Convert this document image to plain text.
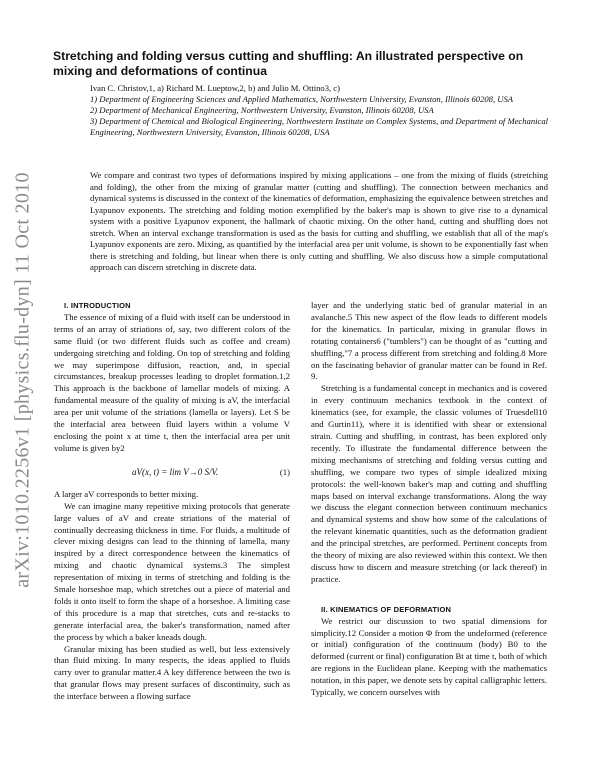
arXiv:1010.2256v1 [physics.flu-dyn] 11 Oct 2010
Stretching and folding versus cutting and shuffling: An illustrated perspective on mixing and deformations of continua

Ivan C. Christov,1, a) Richard M. Lueptow,2, b) and Julio M. Ottino3, c)

1) Department of Engineering Sciences and Applied Mathematics, Northwestern University, Evanston, Illinois 60208, USA

2) Department of Mechanical Engineering, Northwestern University, Evanston, Illinois 60208, USA

3) Department of Chemical and Biological Engineering, Northwestern Institute on Complex Systems, and Department of Mechanical Engineering, Northwestern University, Evanston, Illinois 60208, USA

We compare and contrast two types of deformations inspired by mixing applications – one from the mixing of fluids (stretching and folding), the other from the mixing of granular matter (cutting and shuffling). The connection between mechanics and dynamical systems is discussed in the context of the kinematics of deformation, emphasizing the equivalence between stretches and Lyapunov exponents. The stretching and folding motion exemplified by the baker's map is shown to give rise to a dynamical system with a positive Lyapunov exponent, the hallmark of chaotic mixing. On the other hand, cutting and shuffling does not stretch. When an interval exchange transformation is used as the basis for cutting and shuffling, we establish that all of the map's Lyapunov exponents are zero. Mixing, as quantified by the interfacial area per unit volume, is shown to be exponentially fast when there is stretching and folding, but linear when there is only cutting and shuffling. We also discuss how a simple computational approach can discern stretching in discrete data.

I. INTRODUCTION

The essence of mixing of a fluid with itself can be understood in terms of an array of striations of, say, two different colors of the same fluid (or two different fluids such as coffee and cream) undergoing stretching and folding. On top of stretching and folding we may superimpose diffusion, reaction, and, in special circumstances, breakup processes leading to droplet formation.1,2 This approach is the backbone of lamellar models of mixing. A fundamental measure of the quality of mixing is aV, the interfacial area per unit volume of the striations (lamella or layers). Let S be the interfacial area between fluid layers within a volume V enclosing the point x at time t, then the interfacial area per unit volume is given by2

aV(x, t) = lim V→0 S/V.	(1)

A larger aV corresponds to better mixing.

We can imagine many repetitive mixing protocols that generate large values of aV and create striations of the material of continually decreasing thickness in time. For fluids, a multitude of clever mixing designs can lead to the thinning of lamella, many inspired by a direct correspondence between the kinematics of mixing and chaotic dynamical systems.3 The simplest representation of mixing in terms of stretching and folding is the Smale horseshoe map, which stretches out a piece of material and folds it onto itself to form the shape of a horseshoe. A limiting case of this procedure is a map that stretches, cuts and re-stacks to generate interfacial area, the baker's transformation, named after the process by which a baker kneads dough.

Granular mixing has been studied as well, but less extensively than fluid mixing. In many respects, the ideas applied to fluids carry over to granular matter.4 A key difference between the two is that granular flows may present surfaces of discontinuity, such as the interface between a flowing surface

layer and the underlying static bed of granular material in an avalanche.5 This new aspect of the flow leads to different models for the kinematics. In particular, mixing in granular flows in rotating containers6 ("tumblers") can be thought of as "cutting and shuffling,"7 a process different from stretching and folding.8 More on the fascinating behavior of granular matter can be found in Ref. 9.

Stretching is a fundamental concept in mechanics and is covered in every continuum mechanics textbook in the context of kinematics (see, for example, the classic volumes of Truesdell10 and Gurtin11), where it is identified with shear or extensional strain. Cutting and shuffling, in contrast, has been explored only recently. To illustrate the fundamental difference between the mixing mechanisms of stretching and folding versus cutting and shuffling, we compare two types of simple idealized mixing protocols: the well-known baker's map and cutting and shuffling maps based on interval exchange transformations. Along the way we discuss the elegant connection between continuum mechanics and dynamical systems and show how some of the calculations of the relevant kinematic quantities, such as the deformation gradient and the principal stretches, are performed. Pertinent concepts from the theory of mixing are also reviewed within this context. We then discuss how to discern and measure stretching (or lack thereof) in practice.

II. KINEMATICS OF DEFORMATION

We restrict our discussion to two spatial dimensions for simplicity.12 Consider a motion Φ from the undeformed (reference or initial) configuration of the continuum (body) B0 to the deformed (current or final) configuration Bt at time t, both of which are regions in the Euclidean plane. Keeping with the mathematics notation, in this paper, we denote sets by capital calligraphic letters. Typically, we concern ourselves with
